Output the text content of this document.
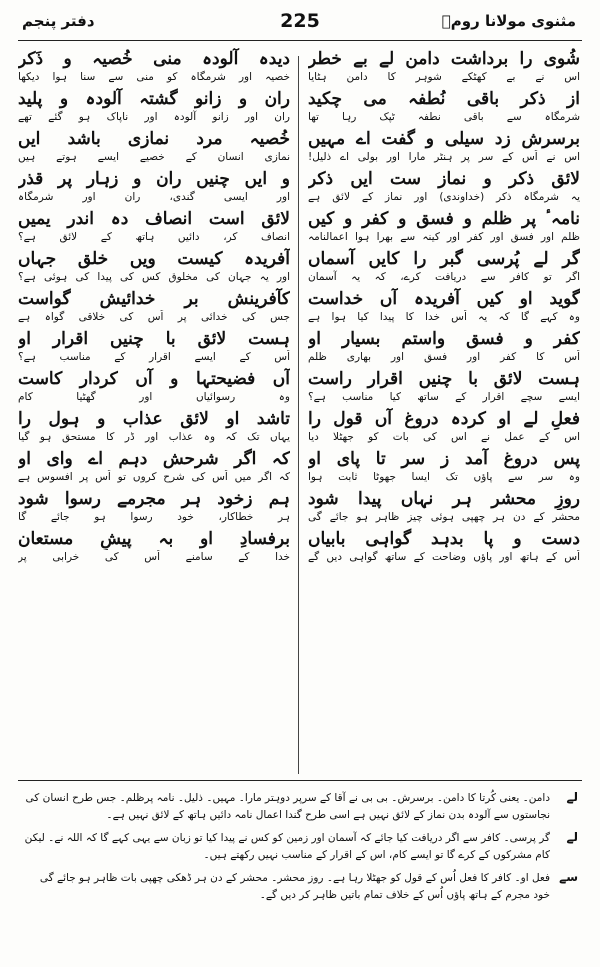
دفتر پنجم	225	مثنوی مولانا رومؒ
شُوی را برداشت دامن لے بے خطر
اس نے بے کھٹکے شوہر کا دامن ہٹایا
از ذکر باقی نُطفہ می چکید
شرمگاہ سے باقی نطفہ ٹپک رہا تھا
برسرش زد سیلی و گفت اے مہیں
اس نے اُس کے سر پر ہنٹر مارا اور بولی اے ذلیل!
لائق ذکر و نماز ست ایں ذکر
یہ شرمگاہ ذکر (خداوندی) اور نماز کے لائق ہے
نامہٴ پر ظلم و فسق و کفر و کیں
ظلم اور فسق اور کفر اور کینہ سے بھرا ہوا اعمالنامہ
گر لے پُرسی گبر را کایں آسماں
اگر تو کافر سے دریافت کرے، کہ یہ آسمان
گوید او کیں آفریدہ آں خداست
وہ کہے گا کہ یہ اُس خدا کا پیدا کیا ہوا ہے
کفر و فسق واستم بسیار او
اُس کا کفر اور فسق اور بھاری ظلم
ہست لائق با چنیں اقرار راست
ایسے سچے اقرار کے ساتھ کیا مناسب ہے؟
فعلِ لے او کردہ دروغ آں قول را
اس کے عمل نے اس کی بات کو جھٹلا دیا
پس دروغ آمد ز سر تا پای او
وہ سر سے پاؤں تک ایسا جھوٹا ثابت ہوا
روزِ محشر ہر نہاں پیدا شود
محشر کے دن ہر چھپی ہوئی چیز ظاہر ہو جائے گی
دست و پا بدہد گواہی بابیاں
اُس کے ہاتھ اور پاؤں وضاحت کے ساتھ گواہی دیں گے
دیدہ آلودہ منی خُصیہ و ذَکر
خصیہ اور شرمگاہ کو منی سے سنا ہوا دیکھا
ران و زانو گشتہ آلودہ و پلید
ران اور زانو آلودہ اور ناپاک ہو گئے تھے
خُصیہ مرد نمازی باشد ایں
نمازی انسان کے خصیے ایسے ہوتے ہیں
و ایں چنیں ران و زہار پر قذر
اور ایسی گندی، ران اور شرمگاہ
لائق است انصاف دہ اندر یمیں
انصاف کر، دائیں ہاتھ کے لائق ہے؟
آفریدہ کیست ویں خلق جہاں
اور یہ جہان کی مخلوق کس کی پیدا کی ہوئی ہے؟
کآفرینش بر خدائیش گواست
جس کی خدائی پر اُس کی خلاقی گواہ ہے
ہست لائق با چنیں اقرار او
اُس کے ایسے اقرار کے مناسب ہے؟
آں فضیحتہا و آں کردار کاست
وہ رسوائیاں اور گھٹیا کام
تاشد او لائق عذاب و ہول را
یہاں تک کہ وہ عذاب اور ڈر کا مستحق ہو گیا
کہ اگر شرحش دہم اے وای او
کہ اگر میں اُس کی شرح کروں تو اُس پر افسوس ہے
ہم زخود ہر مجرمے رسوا شود
ہر خطاکار، خود رسوا ہو جائے گا
برفسادِ او بہ پیشِ مستعان
خدا کے سامنے اُس کی خرابی پر
لے
دامن۔ یعنی کُرتا کا دامن۔ برسرش۔ بی بی نے آقا کے سرپر دوہتر مارا۔ مہیں۔ ذلیل۔ نامہ پرظلم۔ جس طرح انسان کی نجاستوں سے آلودہ بدن نماز کے لائق نہیں ہے اسی طرح گندا اعمال نامہ دائیں ہاتھ کے لائق نہیں ہے۔
لے
گر پرسی۔ کافر سے اگر دریافت کیا جائے کہ آسمان اور زمین کو کس نے پیدا کیا تو زبان سے یہی کہے گا کہ اللہ نے۔ لیکن کام مشرکوں کے کرے گا تو ایسے کام، اس کے اقرار کے مناسب نہیں رکھتے ہیں۔
سے
فعل او۔ کافر کا فعل اُس کے قول کو جھٹلا رہا ہے۔ روز محشر۔ محشر کے دن ہر ڈھکی چھپی بات ظاہر ہو جائے گی خود مجرم کے ہاتھ پاؤں اُس کے خلاف تمام باتیں ظاہر کر دیں گے۔
